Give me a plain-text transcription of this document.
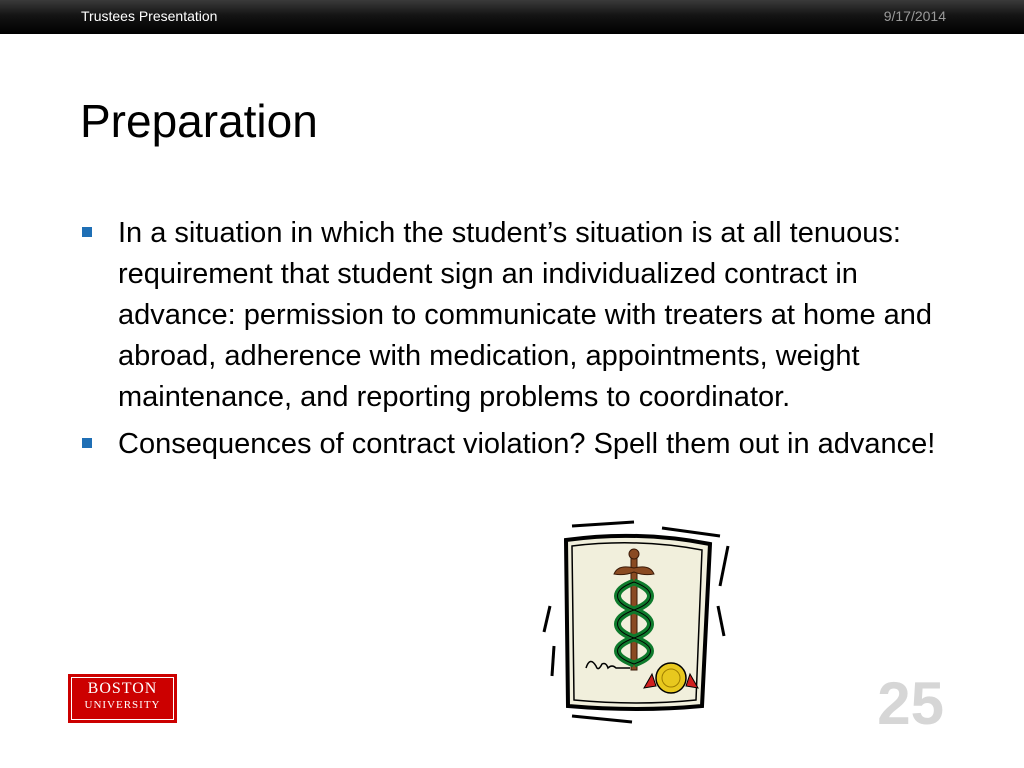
Trustees Presentation	9/17/2014
Preparation
In a situation in which the student’s situation is at all tenuous: requirement that student sign an individualized contract in advance: permission to communicate with treaters at home and abroad, adherence with medication, appointments, weight maintenance, and reporting problems to coordinator.
Consequences of contract violation? Spell them out in advance!
BOSTON
UNIVERSITY	25
